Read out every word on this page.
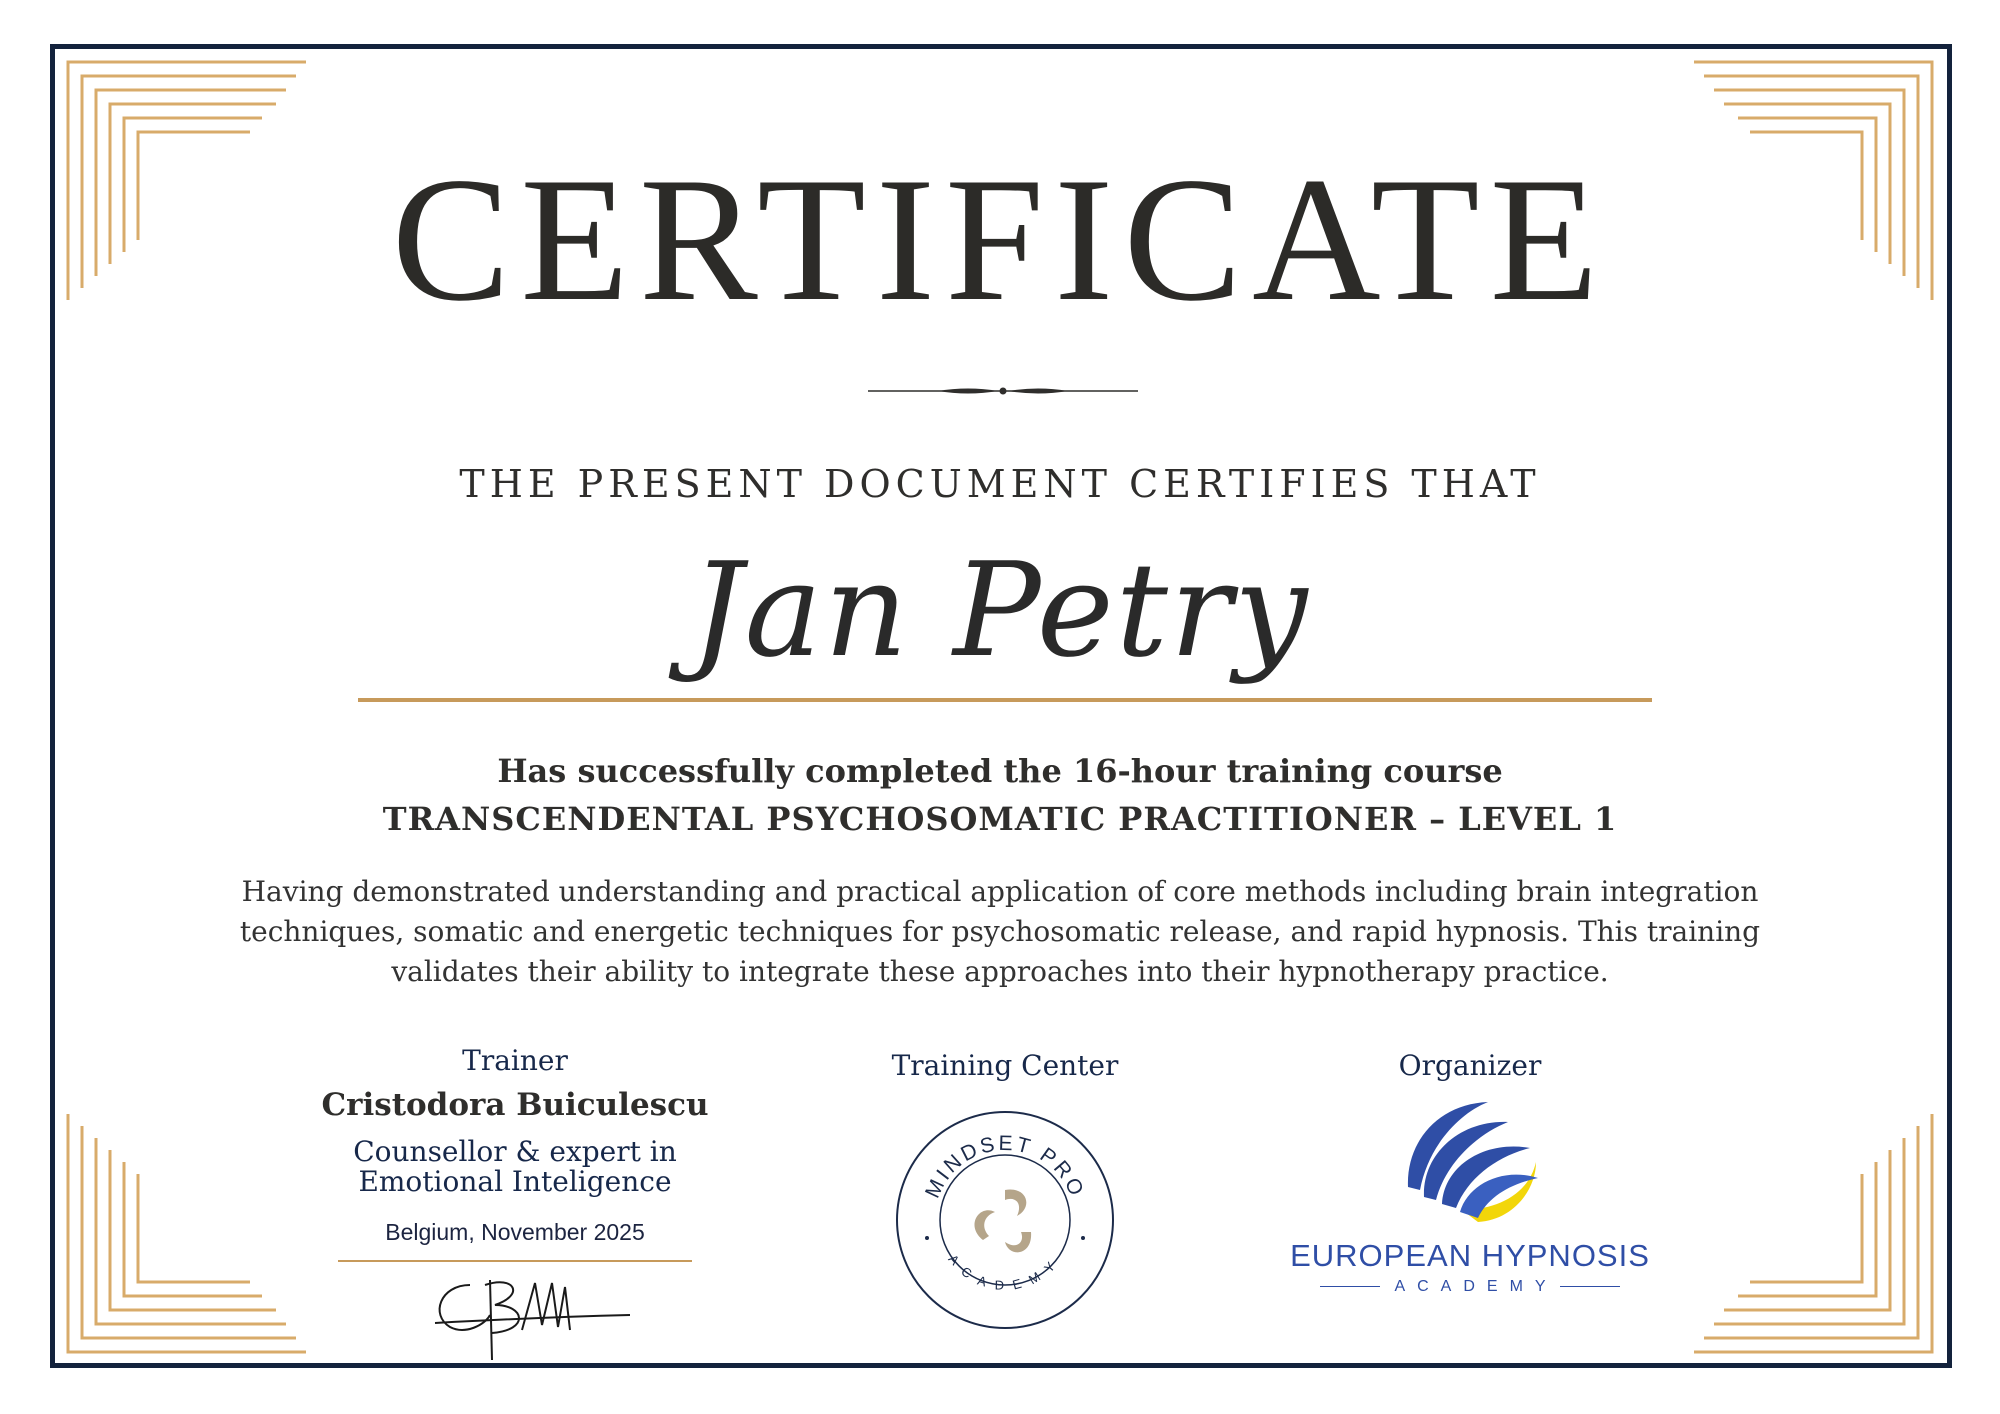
CERTIFICATE
THE PRESENT DOCUMENT CERTIFIES THAT
Jan Petry
Has successfully completed the 16-hour training course
TRANSCENDENTAL PSYCHOSOMATIC PRACTITIONER – LEVEL 1
Having demonstrated understanding and practical application of core methods including brain integration
techniques, somatic and energetic techniques for psychosomatic release, and rapid hypnosis. This training
validates their ability to integrate these approaches into their hypnotherapy practice.
Trainer
Cristodora Buiculescu
Counsellor & expert in
Emotional Inteligence
Belgium, November 2025
Training Center
MINDSET PRO
ACADEMY
Organizer
EUROPEAN HYPNOSIS
ACADEMY
